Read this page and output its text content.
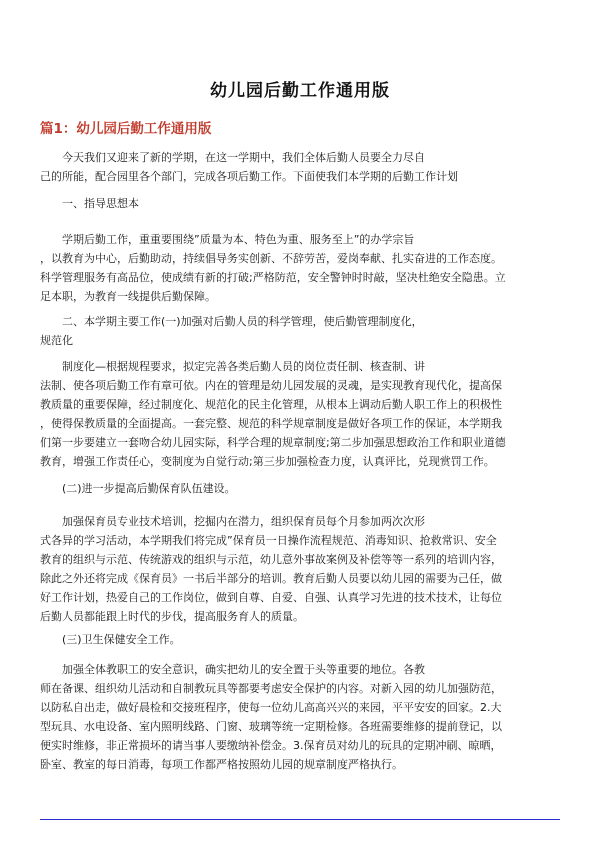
幼儿园后勤工作通用版
篇1：幼儿园后勤工作通用版
今天我们又迎来了新的学期，在这一学期中，我们全体后勤人员要全力尽自
己的所能，配合园里各个部门，完成各项后勤工作。下面使我们本学期的后勤工作计划
一、指导思想本
学期后勤工作，重重要围绕”质量为本、特色为重、服务至上”的办学宗旨
，以教育为中心，后勤助动，持续倡导务实创新、不辞劳苦，爱岗奉献、扎实奋进的工作态度。
科学管理服务有高品位，使成绩有新的打破;严格防范，安全警钟时时敲，坚决杜绝安全隐患。立
足本职，为教育一线提供后勤保障。
二、本学期主要工作(一)加强对后勤人员的科学管理，使后勤管理制度化，
规范化
制度化—根据规程要求，拟定完善各类后勤人员的岗位责任制、核查制、讲
法制、使各项后勤工作有章可依。内在的管理是幼儿园发展的灵魂，是实现教育现代化，提高保
教质量的重要保障，经过制度化、规范化的民主化管理，从根本上调动后勤人职工作上的积极性
，使得保教质量的全面提高。一套完整、规范的科学规章制度是做好各项工作的保证，本学期我
们第一步要建立一套吻合幼儿园实际，科学合理的规章制度;第二步加强思想政治工作和职业道德
教育，增强工作责任心，变制度为自觉行动;第三步加强检查力度，认真评比，兑现赏罚工作。
(二)进一步提高后勤保育队伍建设。
加强保育员专业技术培训，挖掘内在潜力，组织保育员每个月参加两次次形
式各异的学习活动，本学期我们将完成”保育员一日操作流程规范、消毒知识、抢救常识、安全
教育的组织与示范、传统游戏的组织与示范，幼儿意外事故案例及补偿等等一系列的培训内容，
除此之外还将完成《保育员》一书后半部分的培训。教育后勤人员要以幼儿园的需要为己任，做
好工作计划，热爱自己的工作岗位，做到自尊、自爱、自强、认真学习先进的技术技术，让每位
后勤人员都能跟上时代的步伐，提高服务育人的质量。
(三)卫生保健安全工作。
加强全体教职工的安全意识，确实把幼儿的安全置于头等重要的地位。各教
师在备课、组织幼儿活动和自制教玩具等都要考虑安全保护的内容。对新入园的幼儿加强防范，
以防私自出走，做好晨检和交接班程序，使每一位幼儿高高兴兴的来园，平平安安的回家。2.大
型玩具、水电设备、室内照明线路、门窗、玻璃等统一定期检修。各班需要维修的提前登记，以
便实时维修，非正常损坏的请当事人要缴纳补偿金。3.保育员对幼儿的玩具的定期冲刷、晾晒，
卧室、教室的每日消毒，每项工作都严格按照幼儿园的规章制度严格执行。
